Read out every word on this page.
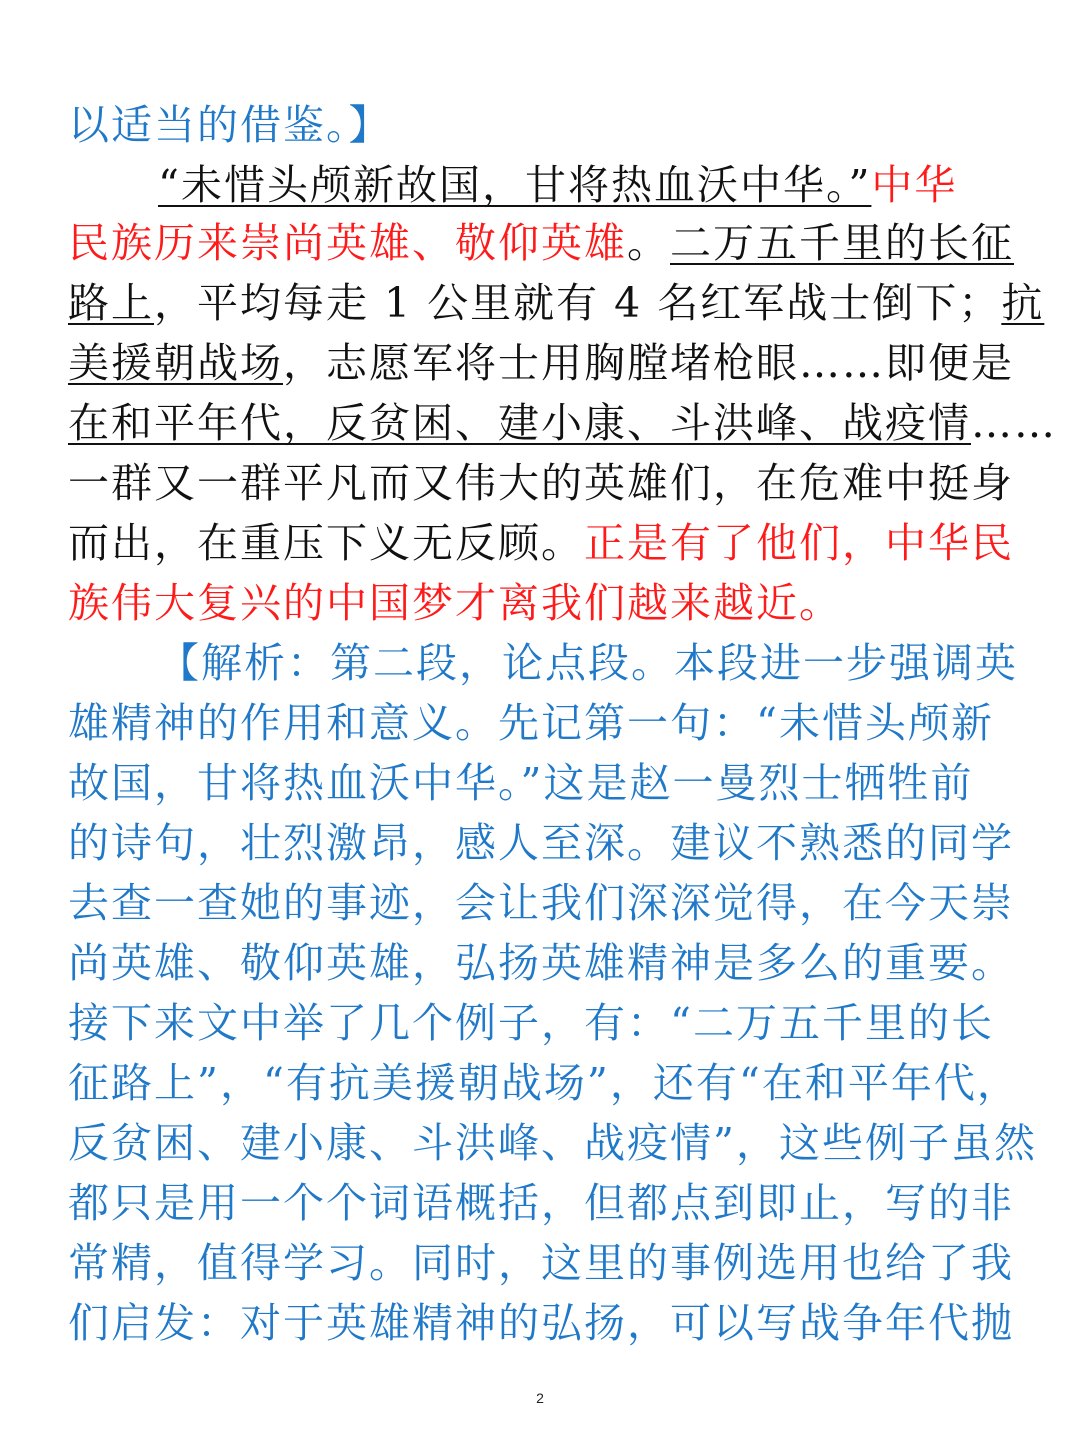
以适当的借鉴。】
“未惜头颅新故国，甘将热血沃中华。”中华
民族历来崇尚英雄、敬仰英雄。二万五千里的长征
路上，平均每走 1 公里就有 4 名红军战士倒下；抗
美援朝战场，志愿军将士用胸膛堵枪眼……即便是
在和平年代，反贫困、建小康、斗洪峰、战疫情……
一群又一群平凡而又伟大的英雄们，在危难中挺身
而出，在重压下义无反顾。正是有了他们，中华民
族伟大复兴的中国梦才离我们越来越近。
【解析：第二段，论点段。本段进一步强调英
雄精神的作用和意义。先记第一句：“未惜头颅新
故国，甘将热血沃中华。”这是赵一曼烈士牺牲前
的诗句，壮烈激昂，感人至深。建议不熟悉的同学
去查一查她的事迹，会让我们深深觉得，在今天崇
尚英雄、敬仰英雄，弘扬英雄精神是多么的重要。
接下来文中举了几个例子，有：“二万五千里的长
征路上”，“有抗美援朝战场”，还有“在和平年代，
反贫困、建小康、斗洪峰、战疫情”，这些例子虽然
都只是用一个个词语概括，但都点到即止，写的非
常精，值得学习。同时，这里的事例选用也给了我
们启发：对于英雄精神的弘扬，可以写战争年代抛
2
